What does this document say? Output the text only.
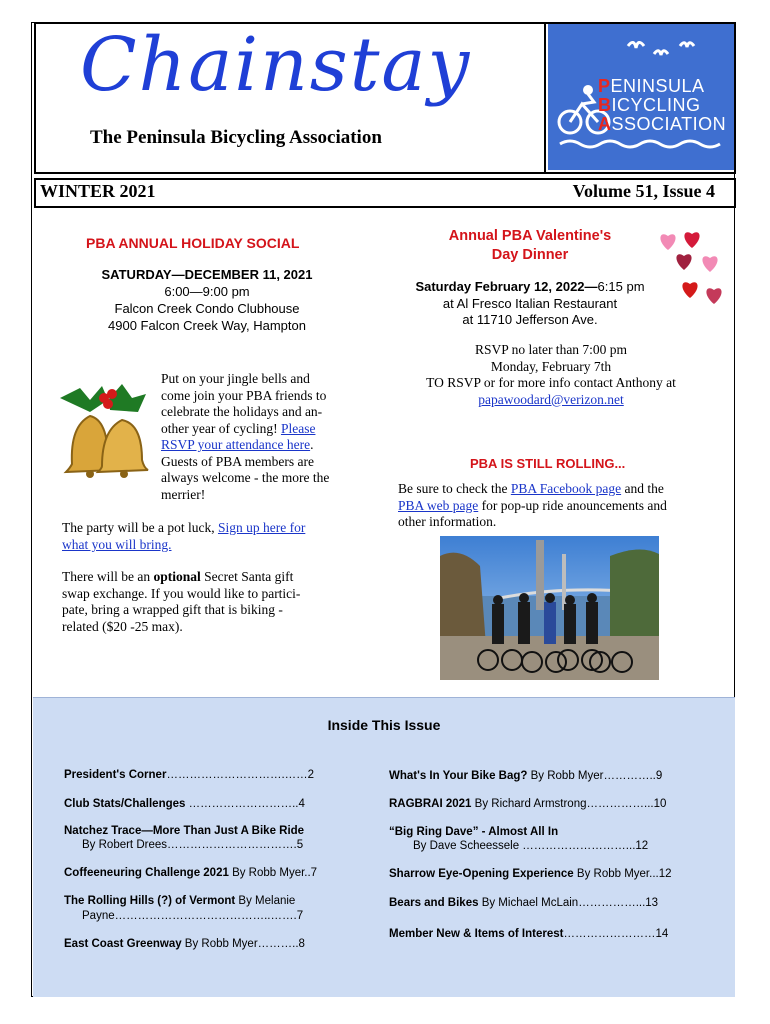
Chainstay
The Peninsula Bicycling Association
PENINSULA
BICYCLING
ASSOCIATION
WINTER 2021	Volume 51, Issue 4
PBA ANNUAL HOLIDAY SOCIAL
SATURDAY—DECEMBER 11, 2021
6:00—9:00 pm
Falcon Creek Condo Clubhouse
4900 Falcon Creek Way, Hampton
Put on your jingle bells and
come join your PBA friends to
celebrate the holidays and an-
other year of cycling! Please
RSVP your attendance here.
Guests of PBA members are
always welcome - the more the
merrier!
The party will be a pot luck, Sign up here for
what you will bring.
There will be an optional Secret Santa gift
swap exchange. If you would like to partici-
pate, bring a wrapped gift that is biking -
related ($20 -25 max).
Annual PBA Valentine's
Day Dinner
Saturday February 12, 2022—6:15 pm
at Al Fresco Italian Restaurant
at 11710 Jefferson Ave.
RSVP no later than 7:00 pm
Monday, February 7th
TO RSVP or for more info contact Anthony at
papawoodard@verizon.net
PBA IS STILL ROLLING...
Be sure to check the PBA Facebook page and the
PBA web page for pop-up ride anouncements and
other information.
Inside This Issue
President's Corner………………………….……2
Club Stats/Challenges ………………………..4
Natchez Trace—More Than Just A Bike Ride
By Robert Drees…………………………….5
Coffeeneuring Challenge 2021 By Robb Myer..7
The Rolling Hills (?) of Vermont By Melanie
Payne…………………………………..…….7
East Coast Greenway By Robb Myer………..8
What's In Your Bike Bag? By Robb Myer…………..9
RAGBRAI 2021 By Richard Armstrong……………...10
“Big Ring Dave” - Almost All In
By Dave Scheessele ………………………...12
Sharrow Eye-Opening Experience By Robb Myer...12
Bears and Bikes By Michael McLain……………...13
Member New & Items of Interest……………………14
